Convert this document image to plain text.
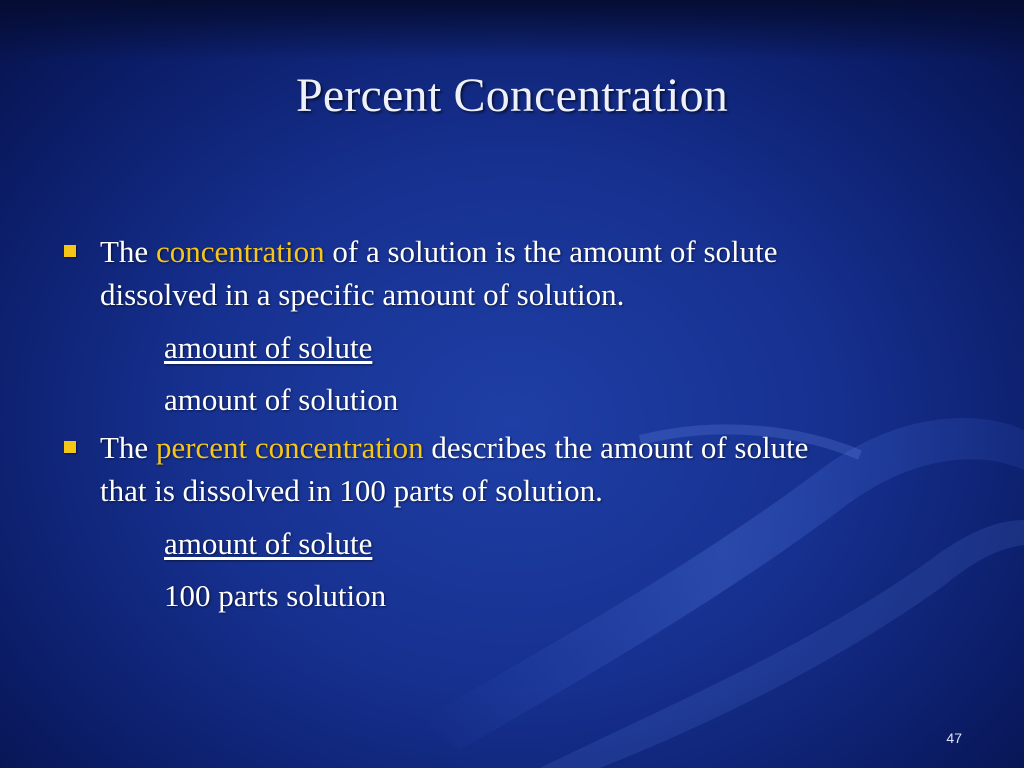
Percent Concentration
The concentration of a solution is the amount of solute dissolved in a specific amount of solution.
amount of solute
amount of solution
The percent concentration describes the amount of solute that is dissolved in 100 parts of solution.
amount of solute
100 parts solution
47
